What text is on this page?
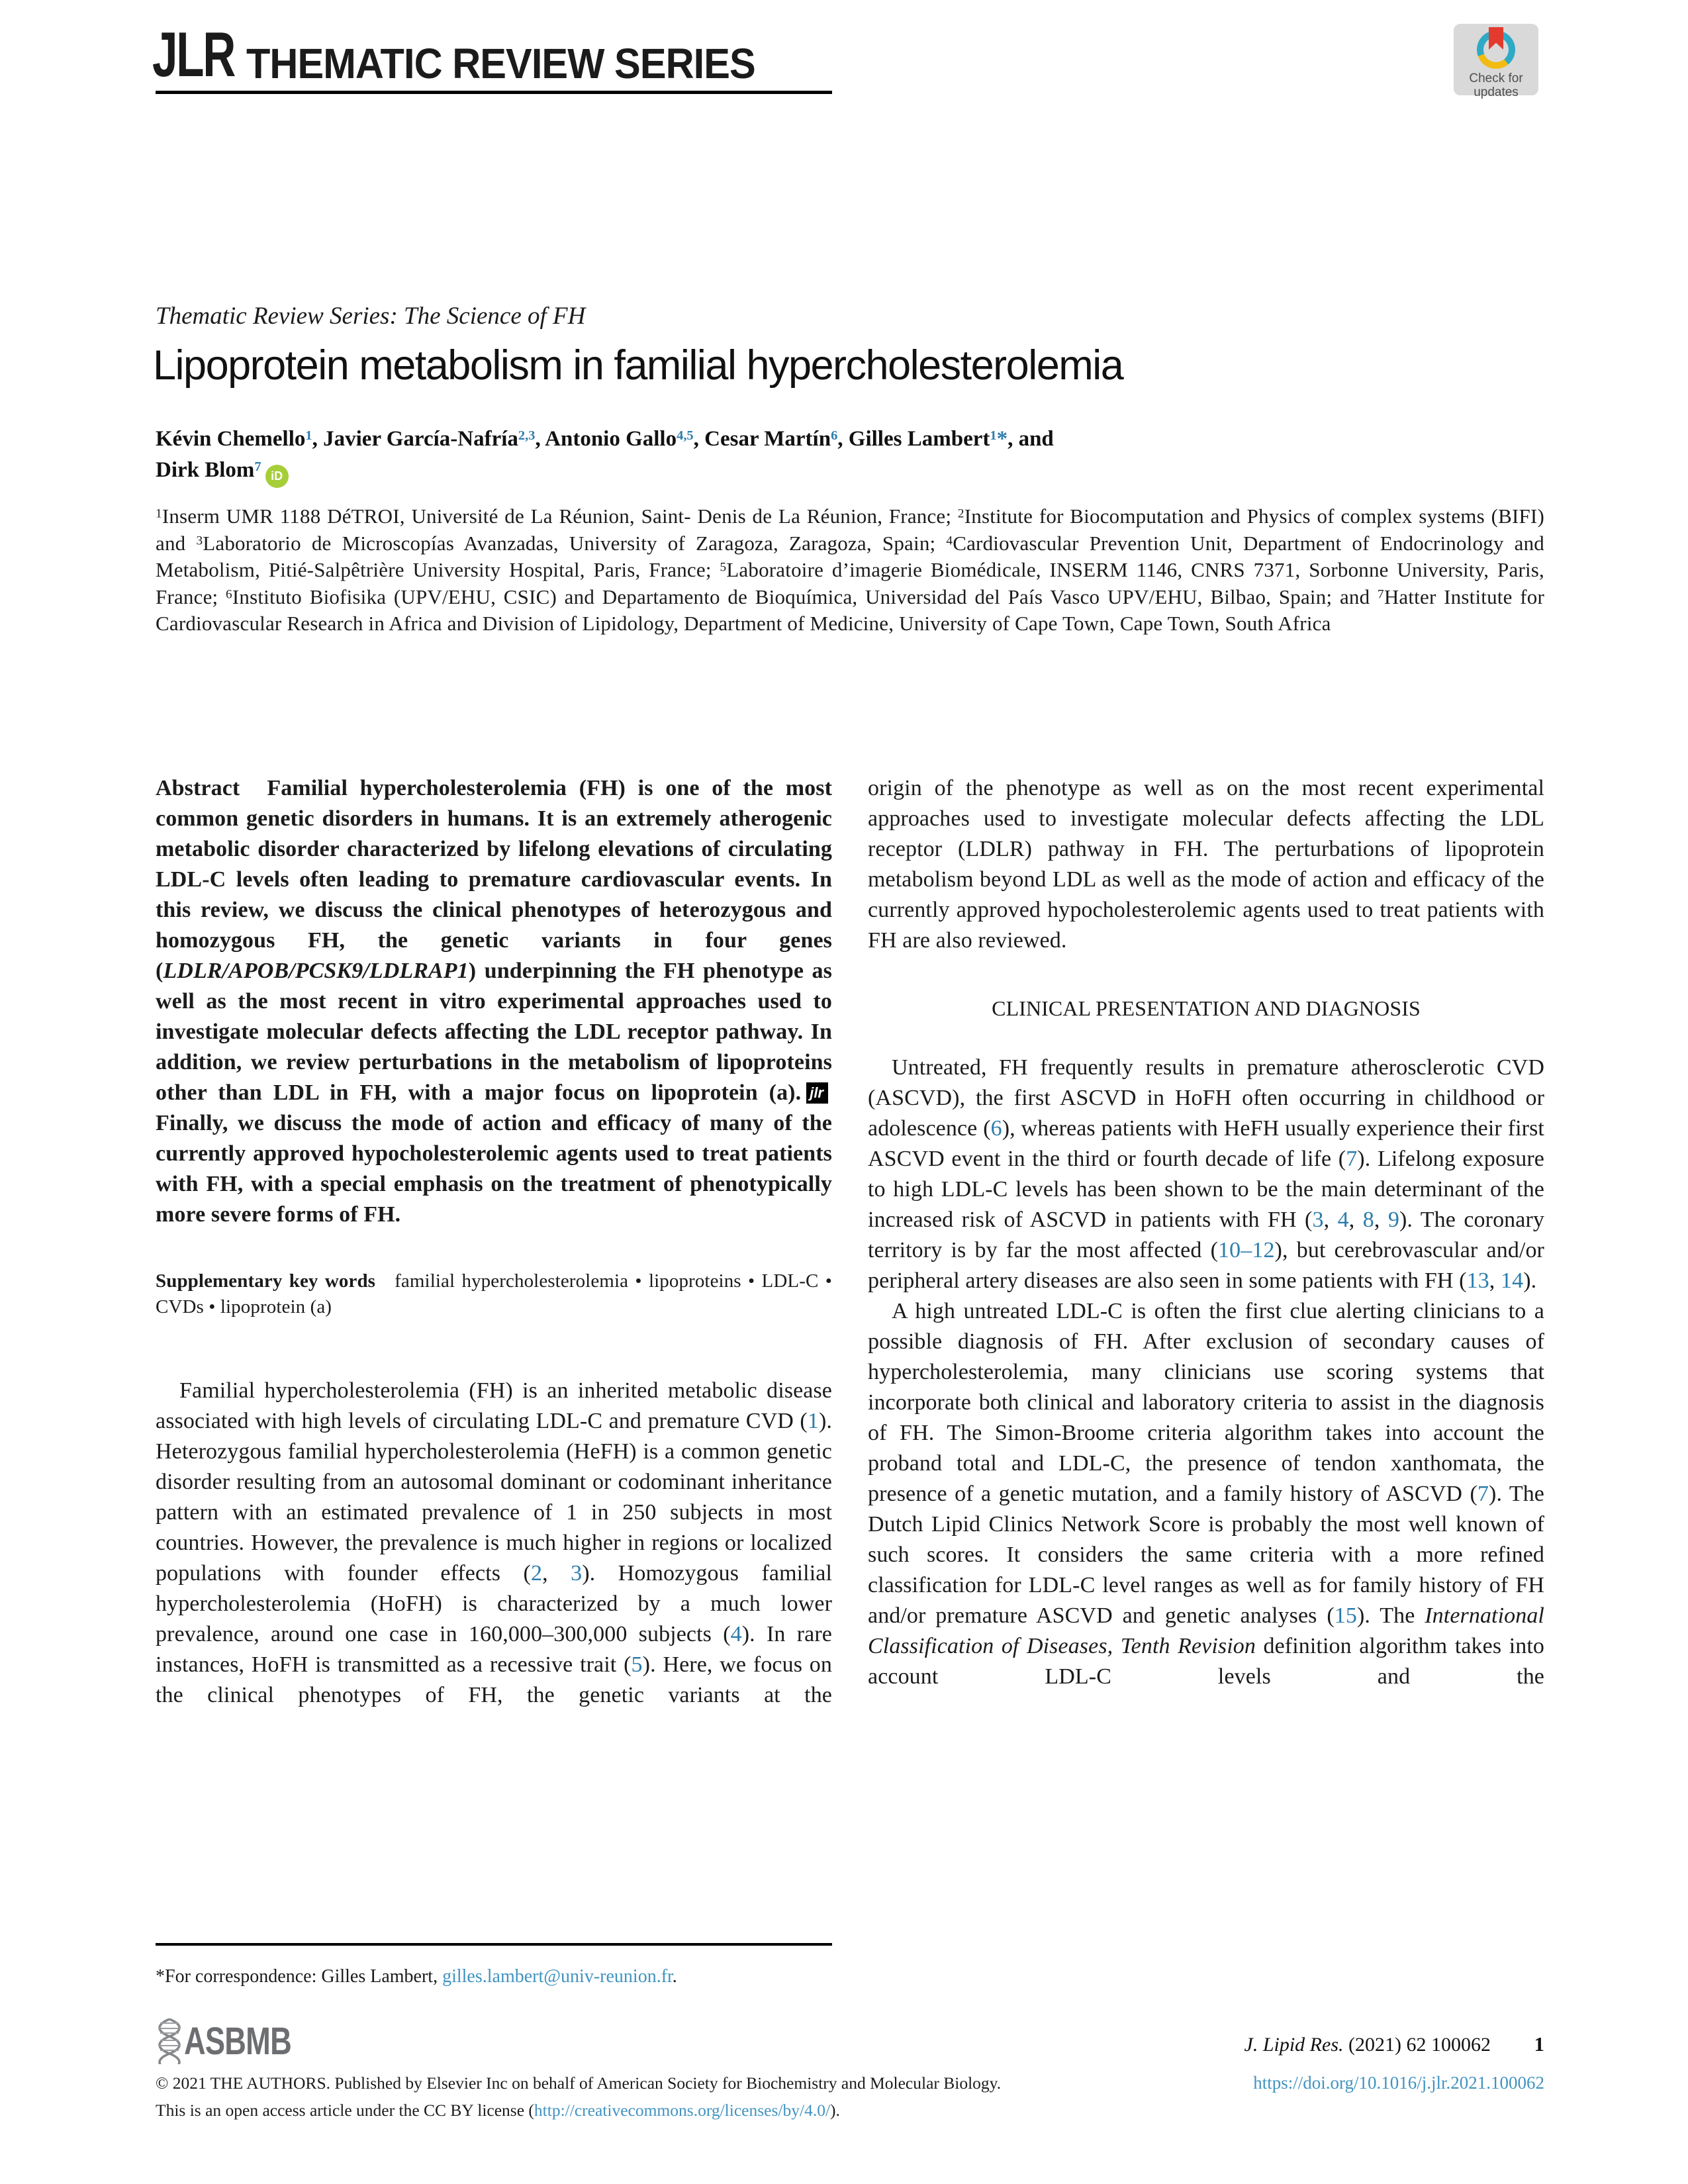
JLR THEMATIC REVIEW SERIES	Check for
updates
Thematic Review Series: The Science of FH
Lipoprotein metabolism in familial hypercholesterolemia
Kévin Chemello$^1$, Javier García-Nafría$^{2,3}$, Antonio Gallo$^{4,5}$, Cesar Martín$^6$, Gilles Lambert$^1$*, and
Dirk Blom$^7$iD
$^1$Inserm UMR 1188 DéTROI, Université de La Réunion, Saint- Denis de La Réunion, France; $^2$Institute for Biocomputation and Physics of complex systems (BIFI) and $^3$Laboratorio de Microscopías Avanzadas, University of Zaragoza, Zaragoza, Spain; $^4$Cardiovascular Prevention Unit, Department of Endocrinology and Metabolism, Pitié-Salpêtrière University Hospital, Paris, France; $^5$Laboratoire d’imagerie Biomédicale, INSERM 1146, CNRS 7371, Sorbonne University, Paris, France; $^6$Instituto Biofisika (UPV/EHU, CSIC) and Departamento de Bioquímica, Universidad del País Vasco UPV/EHU, Bilbao, Spain; and $^7$Hatter Institute for Cardiovascular Research in Africa and Division of Lipidology, Department of Medicine, University of Cape Town, Cape Town, South Africa

Abstract  Familial hypercholesterolemia (FH) is one of the most common genetic disorders in humans. It is an extremely atherogenic metabolic disorder characterized by lifelong elevations of circulating LDL-C levels often leading to premature cardiovascular events. In this review, we discuss the clinical phenotypes of heterozygous and homozygous FH, the genetic variants in four genes (LDLR/APOB/PCSK9/LDLRAP1) underpinning the FH phenotype as well as the most recent in vitro experimental approaches used to investigate molecular defects affecting the LDL receptor pathway. In addition, we review perturbations in the metabolism of lipoproteins other than LDL in FH, with a major focus on lipoprotein (a). jlrFinally, we discuss the mode of action and efficacy of many of the currently approved hypocholesterolemic agents used to treat patients with FH, with a special emphasis on the treatment of phenotypically more severe forms of FH.

Supplementary key words familial hypercholesterolemia • lipoproteins • LDL-C • CVDs • lipoprotein (a)

Familial hypercholesterolemia (FH) is an inherited metabolic disease associated with high levels of circulating LDL-C and premature CVD (1). Heterozygous familial hypercholesterolemia (HeFH) is a common genetic disorder resulting from an autosomal dominant or codominant inheritance pattern with an estimated prevalence of 1 in 250 subjects in most countries. However, the prevalence is much higher in regions or localized populations with founder effects (2, 3). Homozygous familial hypercholesterolemia (HoFH) is characterized by a much lower prevalence, around one case in 160,000–300,000 subjects (4). In rare instances, HoFH is transmitted as a recessive trait (5). Here, we focus on the clinical phenotypes of FH, the genetic variants at the

origin of the phenotype as well as on the most recent experimental approaches used to investigate molecular defects affecting the LDL receptor (LDLR) pathway in FH. The perturbations of lipoprotein metabolism beyond LDL as well as the mode of action and efficacy of the currently approved hypocholesterolemic agents used to treat patients with FH are also reviewed.

CLINICAL PRESENTATION AND DIAGNOSIS

Untreated, FH frequently results in premature atherosclerotic CVD (ASCVD), the first ASCVD in HoFH often occurring in childhood or adolescence (6), whereas patients with HeFH usually experience their first ASCVD event in the third or fourth decade of life (7). Lifelong exposure to high LDL-C levels has been shown to be the main determinant of the increased risk of ASCVD in patients with FH (3, 4, 8, 9). The coronary territory is by far the most affected (10–12), but cerebrovascular and/or peripheral artery diseases are also seen in some patients with FH (13, 14).

A high untreated LDL-C is often the first clue alerting clinicians to a possible diagnosis of FH. After exclusion of secondary causes of hypercholesterolemia, many clinicians use scoring systems that incorporate both clinical and laboratory criteria to assist in the diagnosis of FH. The Simon-Broome criteria algorithm takes into account the proband total and LDL-C, the presence of tendon xanthomata, the presence of a genetic mutation, and a family history of ASCVD (7). The Dutch Lipid Clinics Network Score is probably the most well known of such scores. It considers the same criteria with a more refined classification for LDL-C level ranges as well as for family history of FH and/or premature ASCVD and genetic analyses (15). The International Classification of Diseases, Tenth Revision definition algorithm takes into account LDL-C levels and the

*For correspondence: Gilles Lambert, gilles.lambert@univ-reunion.fr.
ASBMB	J. Lipid Res. (2021) 62 100062 1
https://doi.org/10.1016/j.jlr.2021.100062
© 2021 THE AUTHORS. Published by Elsevier Inc on behalf of American Society for Biochemistry and Molecular Biology.
This is an open access article under the CC BY license (http://creativecommons.org/licenses/by/4.0/).
